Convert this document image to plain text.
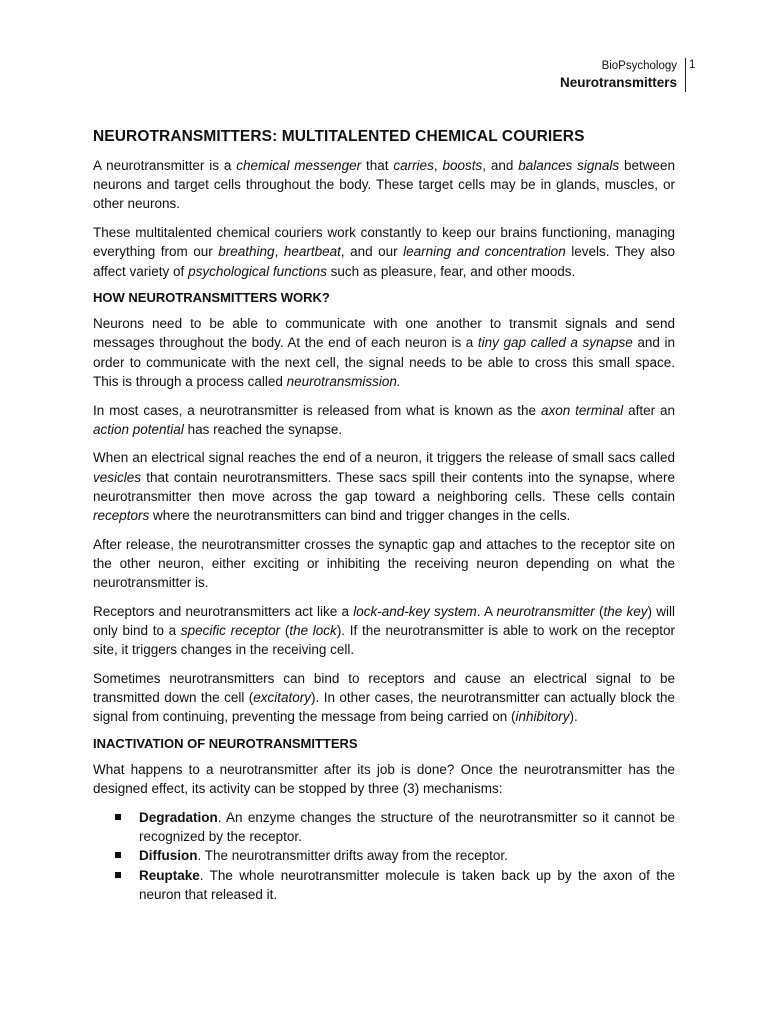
BioPsychology
Neurotransmitters
1
NEUROTRANSMITTERS: MULTITALENTED CHEMICAL COURIERS

A neurotransmitter is a chemical messenger that carries, boosts, and balances signals between neurons and target cells throughout the body. These target cells may be in glands, muscles, or other neurons.

These multitalented chemical couriers work constantly to keep our brains functioning, managing everything from our breathing, heartbeat, and our learning and concentration levels. They also affect variety of psychological functions such as pleasure, fear, and other moods.

HOW NEUROTRANSMITTERS WORK?

Neurons need to be able to communicate with one another to transmit signals and send messages throughout the body. At the end of each neuron is a tiny gap called a synapse and in order to communicate with the next cell, the signal needs to be able to cross this small space. This is through a process called neurotransmission.

In most cases, a neurotransmitter is released from what is known as the axon terminal after an action potential has reached the synapse.

When an electrical signal reaches the end of a neuron, it triggers the release of small sacs called vesicles that contain neurotransmitters. These sacs spill their contents into the synapse, where neurotransmitter then move across the gap toward a neighboring cells. These cells contain receptors where the neurotransmitters can bind and trigger changes in the cells.

After release, the neurotransmitter crosses the synaptic gap and attaches to the receptor site on the other neuron, either exciting or inhibiting the receiving neuron depending on what the neurotransmitter is.

Receptors and neurotransmitters act like a lock-and-key system. A neurotransmitter (the key) will only bind to a specific receptor (the lock). If the neurotransmitter is able to work on the receptor site, it triggers changes in the receiving cell.

Sometimes neurotransmitters can bind to receptors and cause an electrical signal to be transmitted down the cell (excitatory). In other cases, the neurotransmitter can actually block the signal from continuing, preventing the message from being carried on (inhibitory).

INACTIVATION OF NEUROTRANSMITTERS

What happens to a neurotransmitter after its job is done? Once the neurotransmitter has the designed effect, its activity can be stopped by three (3) mechanisms:

Degradation. An enzyme changes the structure of the neurotransmitter so it cannot be recognized by the receptor.
Diffusion. The neurotransmitter drifts away from the receptor.
Reuptake. The whole neurotransmitter molecule is taken back up by the axon of the neuron that released it.
